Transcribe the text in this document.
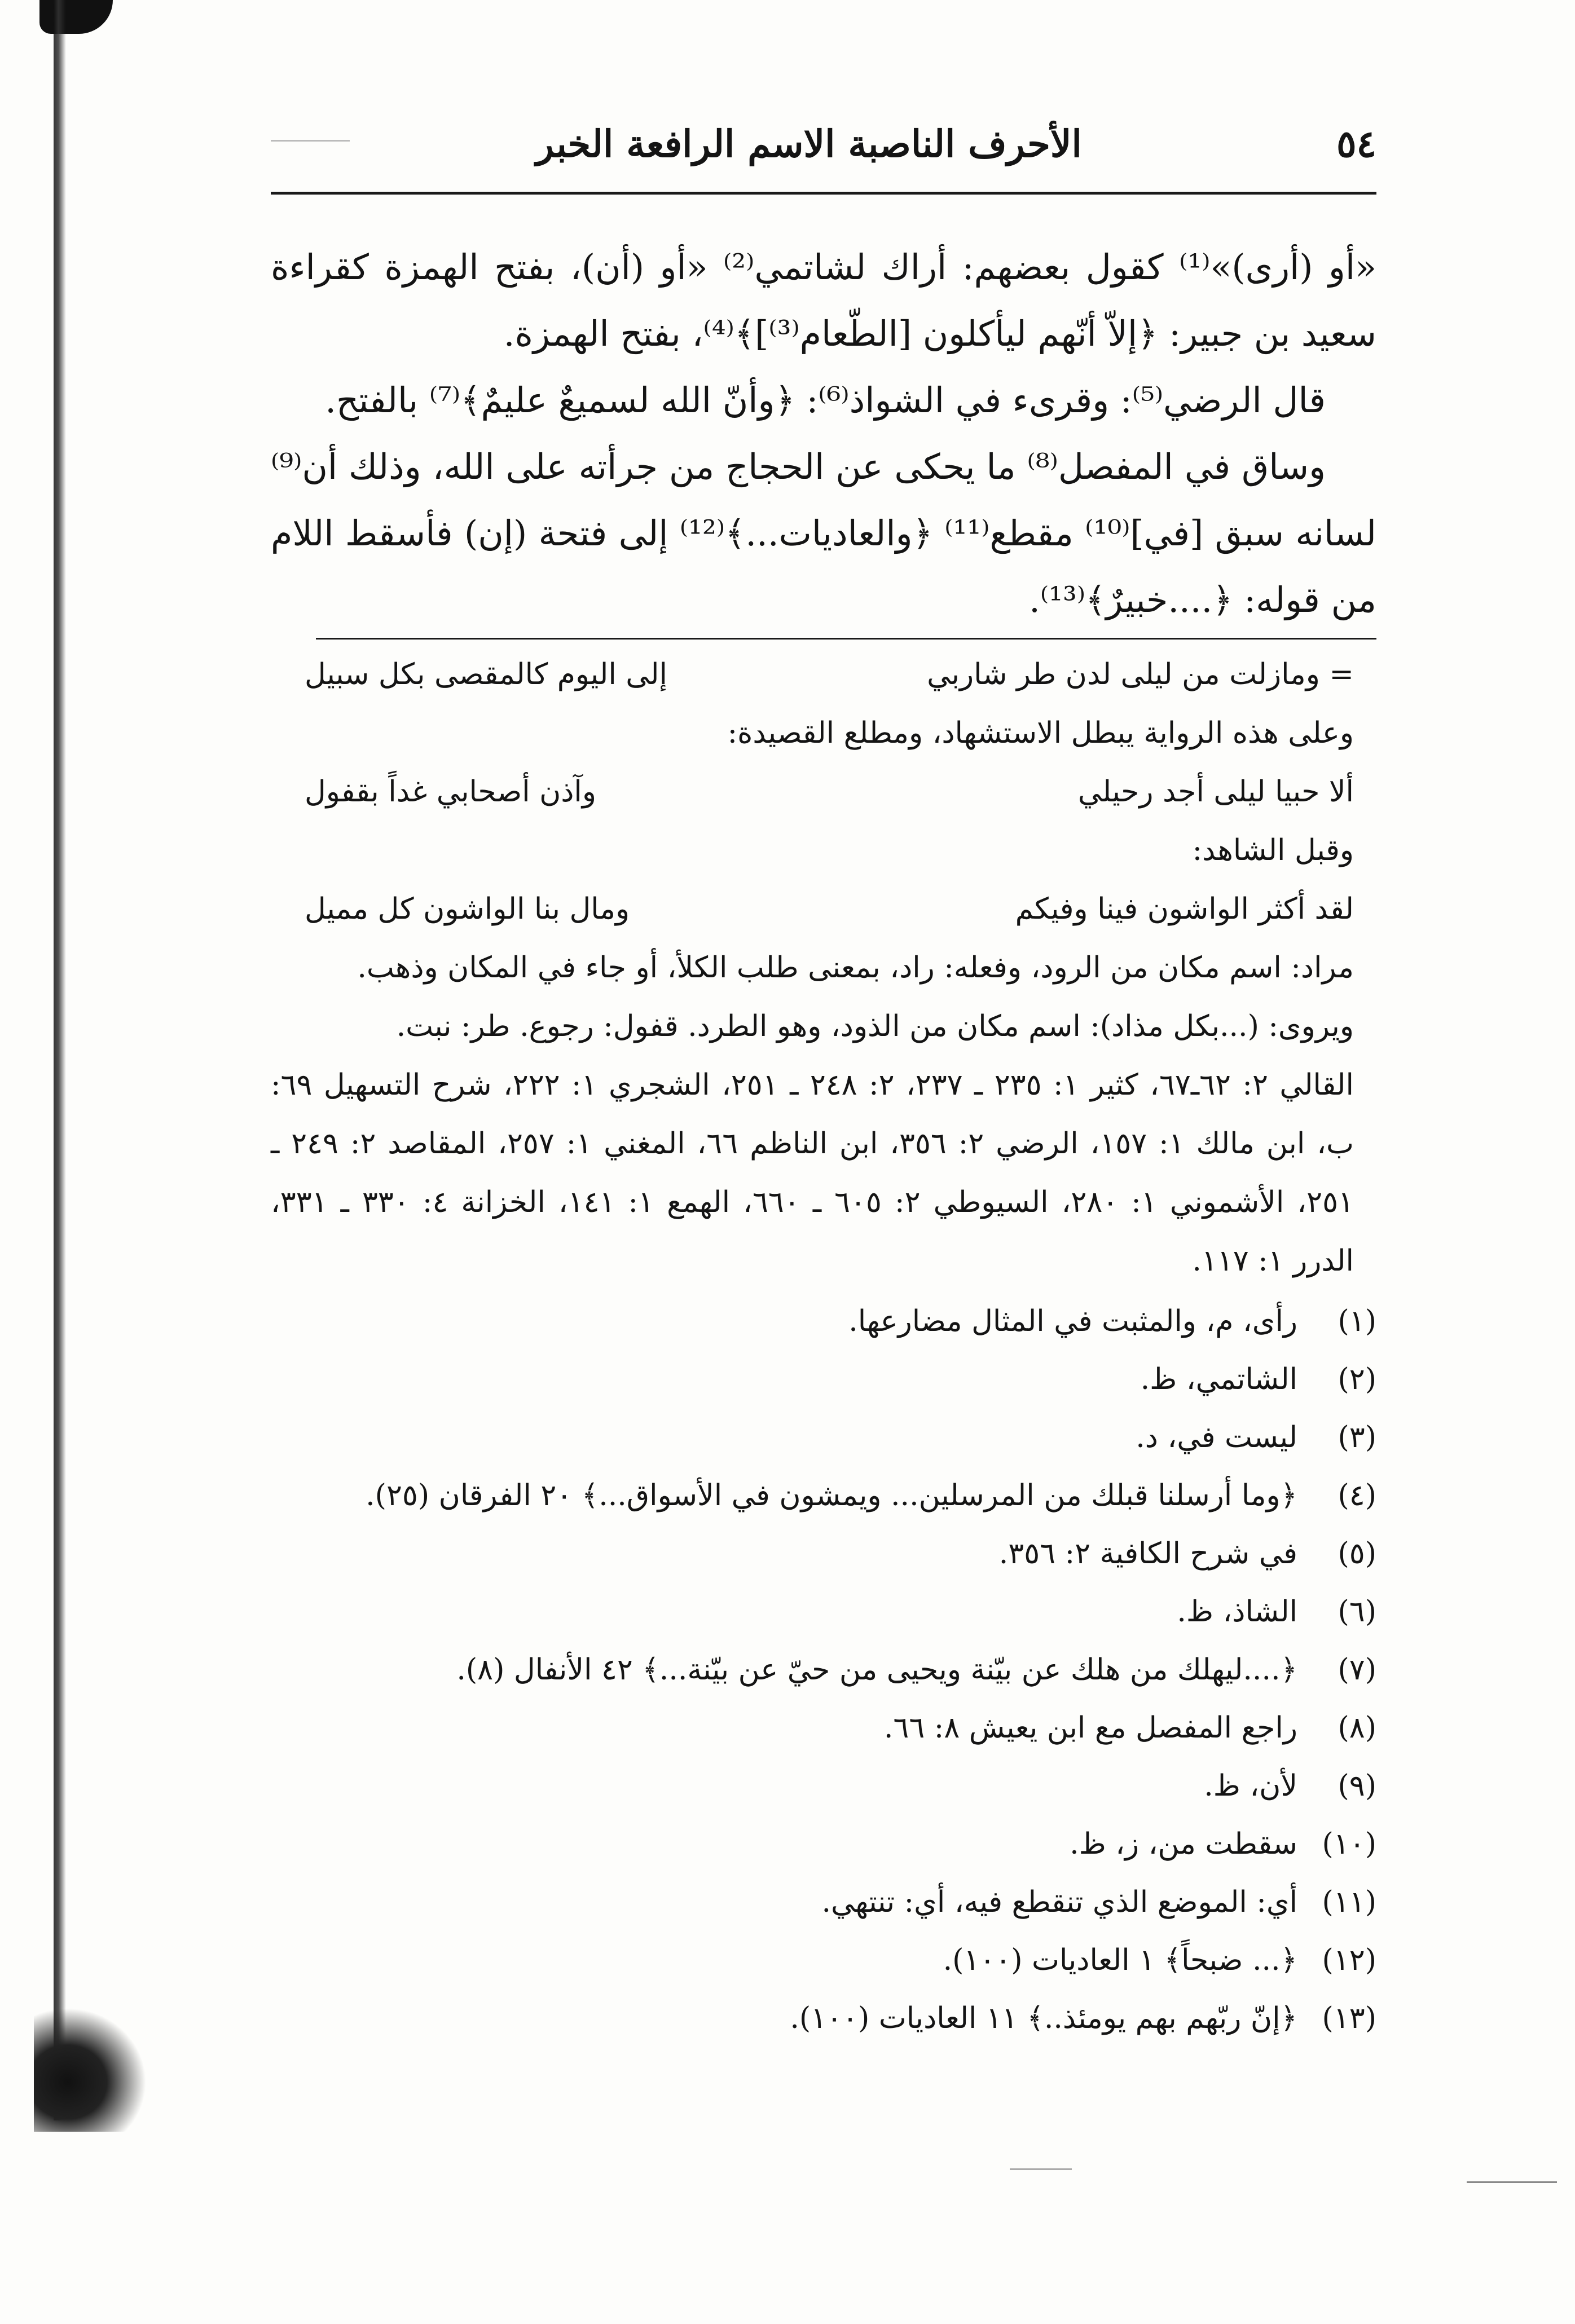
٥٤
الأحرف الناصبة الاسم الرافعة الخبر

«أو (أرى)»⁽¹⁾ كقول بعضهم: أراك لشاتمي⁽²⁾ «أو (أن)، بفتح الهمزة كقراءة سعيد بن جبير: ﴿إلاّ أنّهم ليأكلون [الطّعام⁽³⁾]﴾⁽⁴⁾، بفتح الهمزة.

قال الرضي⁽⁵⁾: وقرىء في الشواذ⁽⁶⁾: ﴿وأنّ الله لسميعٌ عليمٌ﴾⁽⁷⁾ بالفتح.

وساق في المفصل⁽⁸⁾ ما يحكى عن الحجاج من جرأته على الله، وذلك أن⁽⁹⁾ لسانه سبق [في]⁽¹⁰⁾ مقطع⁽¹¹⁾ ﴿والعاديات...﴾⁽¹²⁾ إلى فتحة (إن) فأسقط اللام من قوله: ﴿....خبيرٌ﴾⁽¹³⁾.

= ومازلت من ليلى لدن طر شاربي
إلى اليوم كالمقصى بكل سبيل
وعلى هذه الرواية يبطل الاستشهاد، ومطلع القصيدة:
ألا حبيا ليلى أجد رحيلي
وآذن أصحابي غداً بقفول
وقبل الشاهد:
لقد أكثر الواشون فينا وفيكم
ومال بنا الواشون كل مميل
مراد: اسم مكان من الرود، وفعله: راد، بمعنى طلب الكلأ، أو جاء في المكان وذهب.
ويروى: (...بكل مذاد): اسم مكان من الذود، وهو الطرد. قفول: رجوع. طر: نبت.
القالي ٢: ٦٢ـ٦٧، كثير ١: ٢٣٥ ـ ٢٣٧، ٢: ٢٤٨ ـ ٢٥١، الشجري ١: ٢٢٢، شرح التسهيل ٦٩: ب، ابن مالك ١: ١٥٧، الرضي ٢: ٣٥٦، ابن الناظم ٦٦، المغني ١: ٢٥٧، المقاصد ٢: ٢٤٩ ـ ٢٥١، الأشموني ١: ٢٨٠، السيوطي ٢: ٦٠٥ ـ ٦٦٠، الهمع ١: ١٤١، الخزانة ٤: ٣٣٠ ـ ٣٣١، الدرر ١: ١١٧.
(١)
رأى، م، والمثبت في المثال مضارعها.
(٢)
الشاتمي، ظ.
(٣)
ليست في، د.
(٤)
﴿وما أرسلنا قبلك من المرسلين... ويمشون في الأسواق...﴾ ٢٠ الفرقان (٢٥).
(٥)
في شرح الكافية ٢: ٣٥٦.
(٦)
الشاذ، ظ.
(٧)
﴿....ليهلك من هلك عن بيّنة ويحيى من حيّ عن بيّنة...﴾ ٤٢ الأنفال (٨).
(٨)
راجع المفصل مع ابن يعيش ٨: ٦٦.
(٩)
لأن، ظ.
(١٠)
سقطت من، ز، ظ.
(١١)
أي: الموضع الذي تنقطع فيه، أي: تنتهي.
(١٢)
﴿... ضبحاً﴾ ١ العاديات (١٠٠).
(١٣)
﴿إنّ ربّهم بهم يومئذ..﴾ ١١ العاديات (١٠٠).
